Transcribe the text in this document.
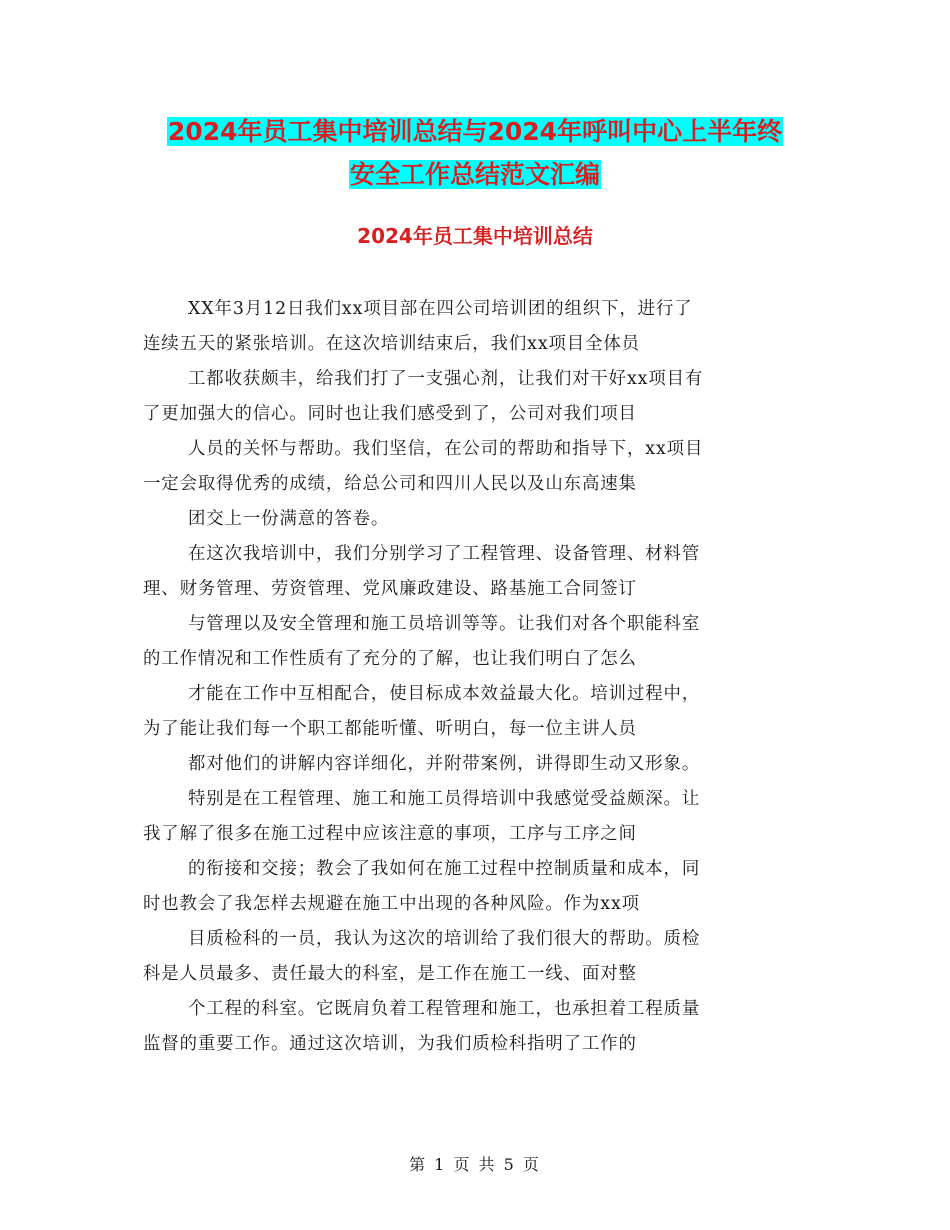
2024年员工集中培训总结与2024年呼叫中心上半年终
安全工作总结范文汇编
2024年员工集中培训总结
XX年3月12日我们xx项目部在四公司培训团的组织下，进行了
连续五天的紧张培训。在这次培训结束后，我们xx项目全体员
工都收获颇丰，给我们打了一支强心剂，让我们对干好xx项目有
了更加强大的信心。同时也让我们感受到了，公司对我们项目
人员的关怀与帮助。我们坚信，在公司的帮助和指导下，xx项目
一定会取得优秀的成绩，给总公司和四川人民以及山东高速集
团交上一份满意的答卷。
在这次我培训中，我们分别学习了工程管理、设备管理、材料管
理、财务管理、劳资管理、党风廉政建设、路基施工合同签订
与管理以及安全管理和施工员培训等等。让我们对各个职能科室
的工作情况和工作性质有了充分的了解，也让我们明白了怎么
才能在工作中互相配合，使目标成本效益最大化。培训过程中，
为了能让我们每一个职工都能听懂、听明白，每一位主讲人员
都对他们的讲解内容详细化，并附带案例，讲得即生动又形象。
特别是在工程管理、施工和施工员得培训中我感觉受益颇深。让
我了解了很多在施工过程中应该注意的事项，工序与工序之间
的衔接和交接；教会了我如何在施工过程中控制质量和成本，同
时也教会了我怎样去规避在施工中出现的各种风险。作为xx项
目质检科的一员，我认为这次的培训给了我们很大的帮助。质检
科是人员最多、责任最大的科室，是工作在施工一线、面对整
个工程的科室。它既肩负着工程管理和施工，也承担着工程质量
监督的重要工作。通过这次培训，为我们质检科指明了工作的
第 1 页 共 5 页
